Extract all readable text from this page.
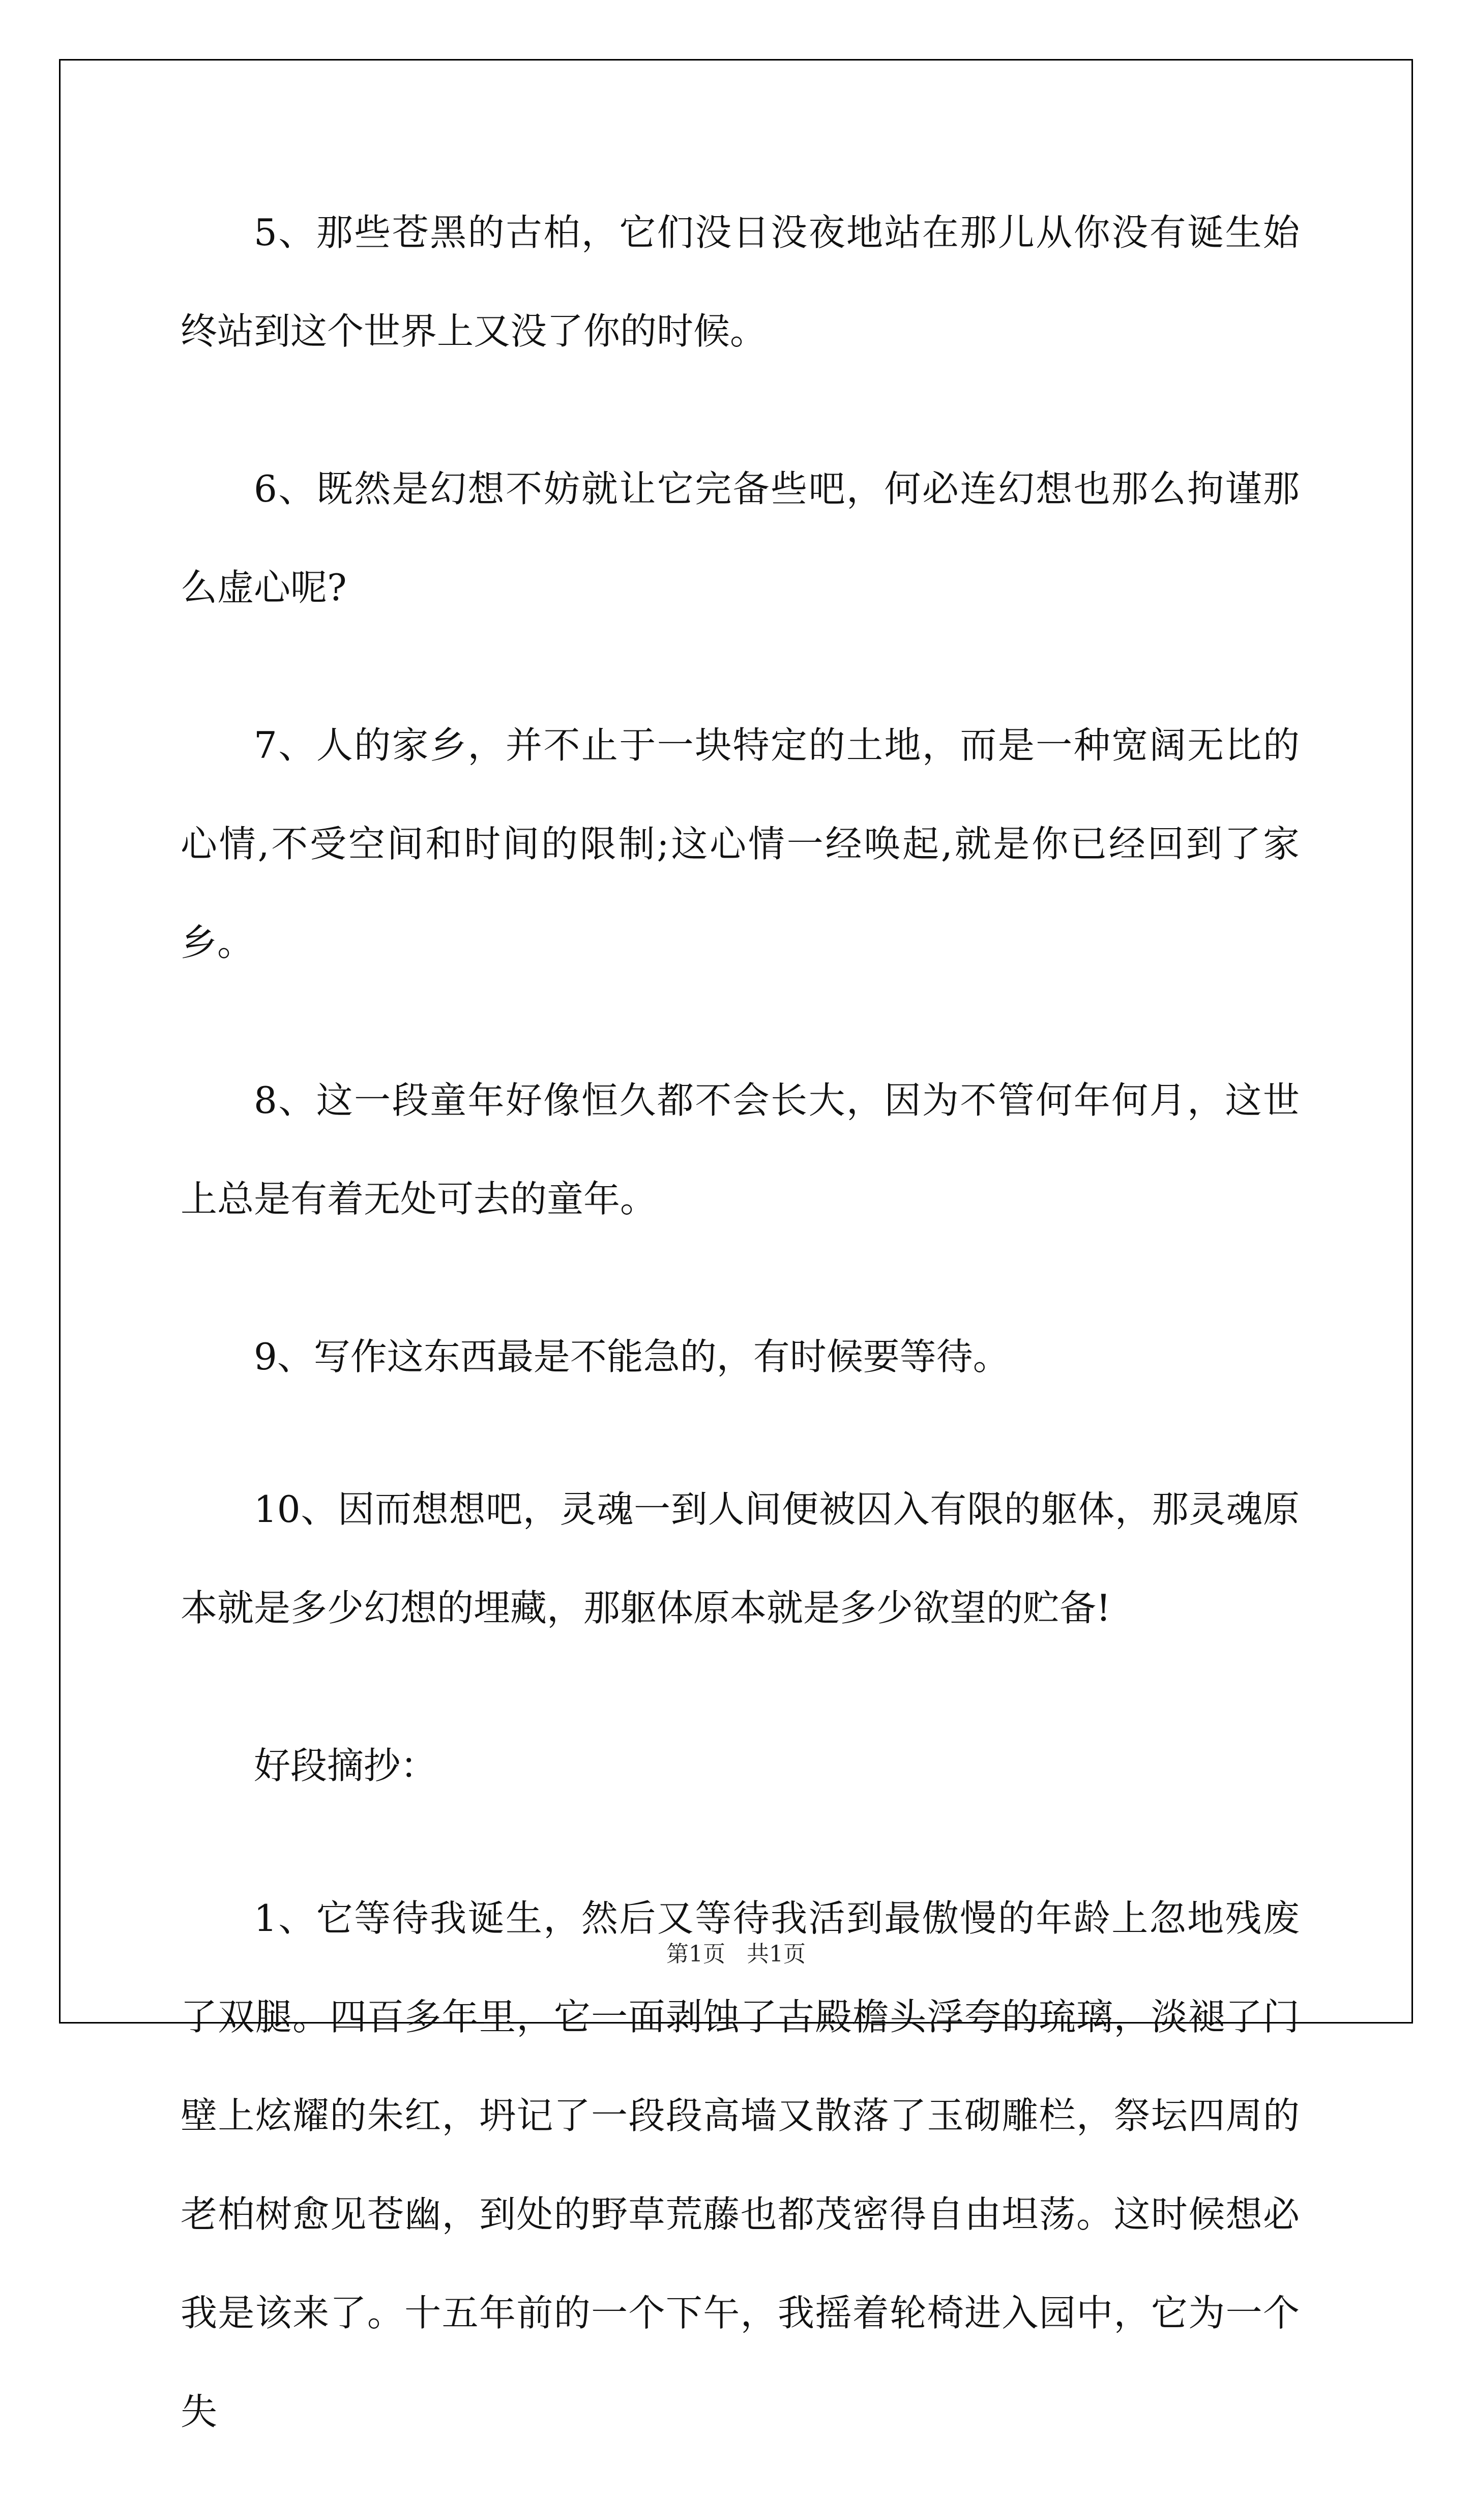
5、那些苍黑的古柏，它们没日没夜地站在那儿从你没有诞生始终站到这个世界上又没了你的时候。

6、既然是幻想不妨就让它完备些吧，何必连幻想也那么拘谨那么虚心呢?

7、人的家乡，并不止于一块特定的土地，而是一种宽阔无比的心情,不受空间和时间的限制;这心情一经唤起,就是你已经回到了家乡。

8、这一段童年好像恒久都不会长大，因为不管何年何月，这世上总是有着无处可去的童年。

9、写作这东西最是不能急的，有时候要等待。

10、因而想想吧，灵魂一到人间便被囚入有限的躯体，那灵魂原本就是多少幻想的埋藏，那躯体原本就是多少欲望的贮备!

好段摘抄：

1、它等待我诞生，然后又等待我活到最傲慢的年龄上忽地残废了双腿。四百多年里，它一面剥蚀了古殿檐头浮夸的琉璃，淡褪了门壁上炫耀的朱红，坍记了一段段高墙又散落了玉砌雕栏，祭坛四周的老柏树愈见苍幽，到处的野草荒藤也都茂密得自由坦荡。这时候想必我是该来了。十五年前的一个下午，我摇着轮椅进入园中，它为一个失

第1页   共1页
